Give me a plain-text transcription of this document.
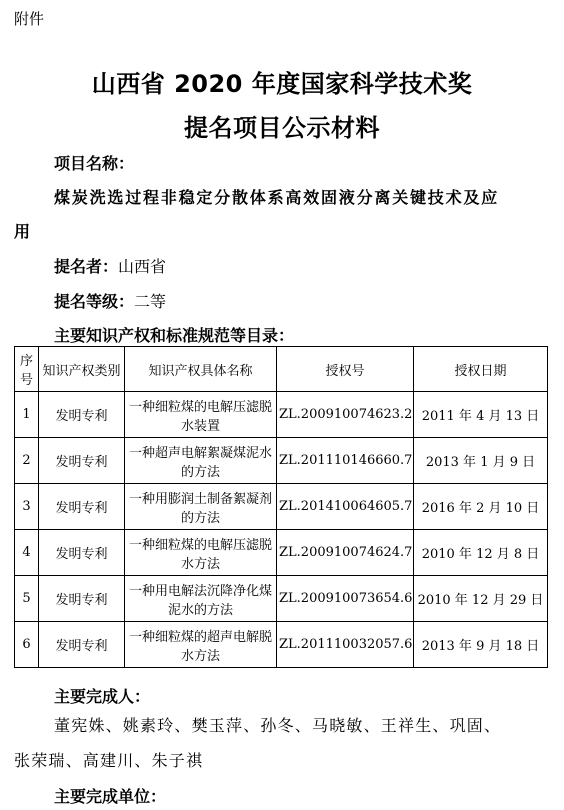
附件
山西省 2020 年度国家科学技术奖
提名项目公示材料
项目名称：
煤炭洗选过程非稳定分散体系高效固液分离关键技术及应
用
提名者：山西省
提名等级：二等
主要知识产权和标准规范等目录：
序号	知识产权类别	知识产权具体名称	授权号	授权日期
1	发明专利	一种细粒煤的电解压滤脱水装置	ZL.200910074623.2	2011 年 4 月 13 日
2	发明专利	一种超声电解絮凝煤泥水的方法	ZL.201110146660.7	2013 年 1 月 9 日
3	发明专利	一种用膨润土制备絮凝剂的方法	ZL.201410064605.7	2016 年 2 月 10 日
4	发明专利	一种细粒煤的电解压滤脱水方法	ZL.200910074624.7	2010 年 12 月 8 日
5	发明专利	一种用电解法沉降净化煤泥水的方法	ZL.200910073654.6	2010 年 12 月 29 日
6	发明专利	一种细粒煤的超声电解脱水方法	ZL.201110032057.6	2013 年 9 月 18 日
主要完成人：
董宪姝、姚素玲、樊玉萍、孙冬、马晓敏、王祥生、巩固、
张荣瑞、高建川、朱子祺
主要完成单位：
